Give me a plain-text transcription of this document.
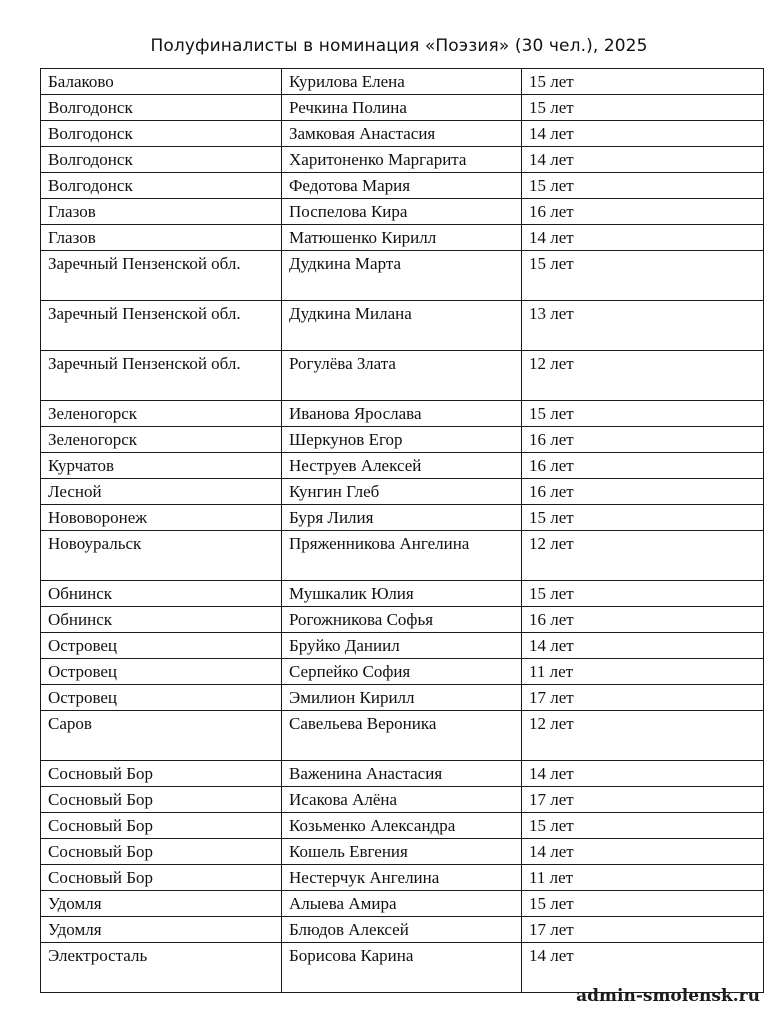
Полуфиналисты в номинация «Поэзия» (30 чел.), 2025
Балаково	Курилова Елена	15 лет
Волгодонск	Речкина Полина	15 лет
Волгодонск	Замковая Анастасия	14 лет
Волгодонск	Харитоненко Маргарита	14 лет
Волгодонск	Федотова Мария	15 лет
Глазов	Поспелова Кира	16 лет
Глазов	Матюшенко Кирилл	14 лет
Заречный Пензенской обл.	Дудкина Марта	15 лет
Заречный Пензенской обл.	Дудкина Милана	13 лет
Заречный Пензенской обл.	Рогулёва Злата	12 лет
Зеленогорск	Иванова Ярослава	15 лет
Зеленогорск	Шеркунов Егор	16 лет
Курчатов	Неструев Алексей	16 лет
Лесной	Кунгин Глеб	16 лет
Нововоронеж	Буря Лилия	15 лет
Новоуральск	Пряженникова Ангелина	12 лет
Обнинск	Мушкалик Юлия	15 лет
Обнинск	Рогожникова Софья	16 лет
Островец	Бруйко Даниил	14 лет
Островец	Серпейко София	11 лет
Островец	Эмилион Кирилл	17 лет
Саров	Савельева Вероника	12 лет
Сосновый Бор	Важенина Анастасия	14 лет
Сосновый Бор	Исакова Алёна	17 лет
Сосновый Бор	Козьменко Александра	15 лет
Сосновый Бор	Кошель Евгения	14 лет
Сосновый Бор	Нестерчук Ангелина	11 лет
Удомля	Алыева Амира	15 лет
Удомля	Блюдов Алексей	17 лет
Электросталь	Борисова Карина	14 лет
admin-smolensk.ru
